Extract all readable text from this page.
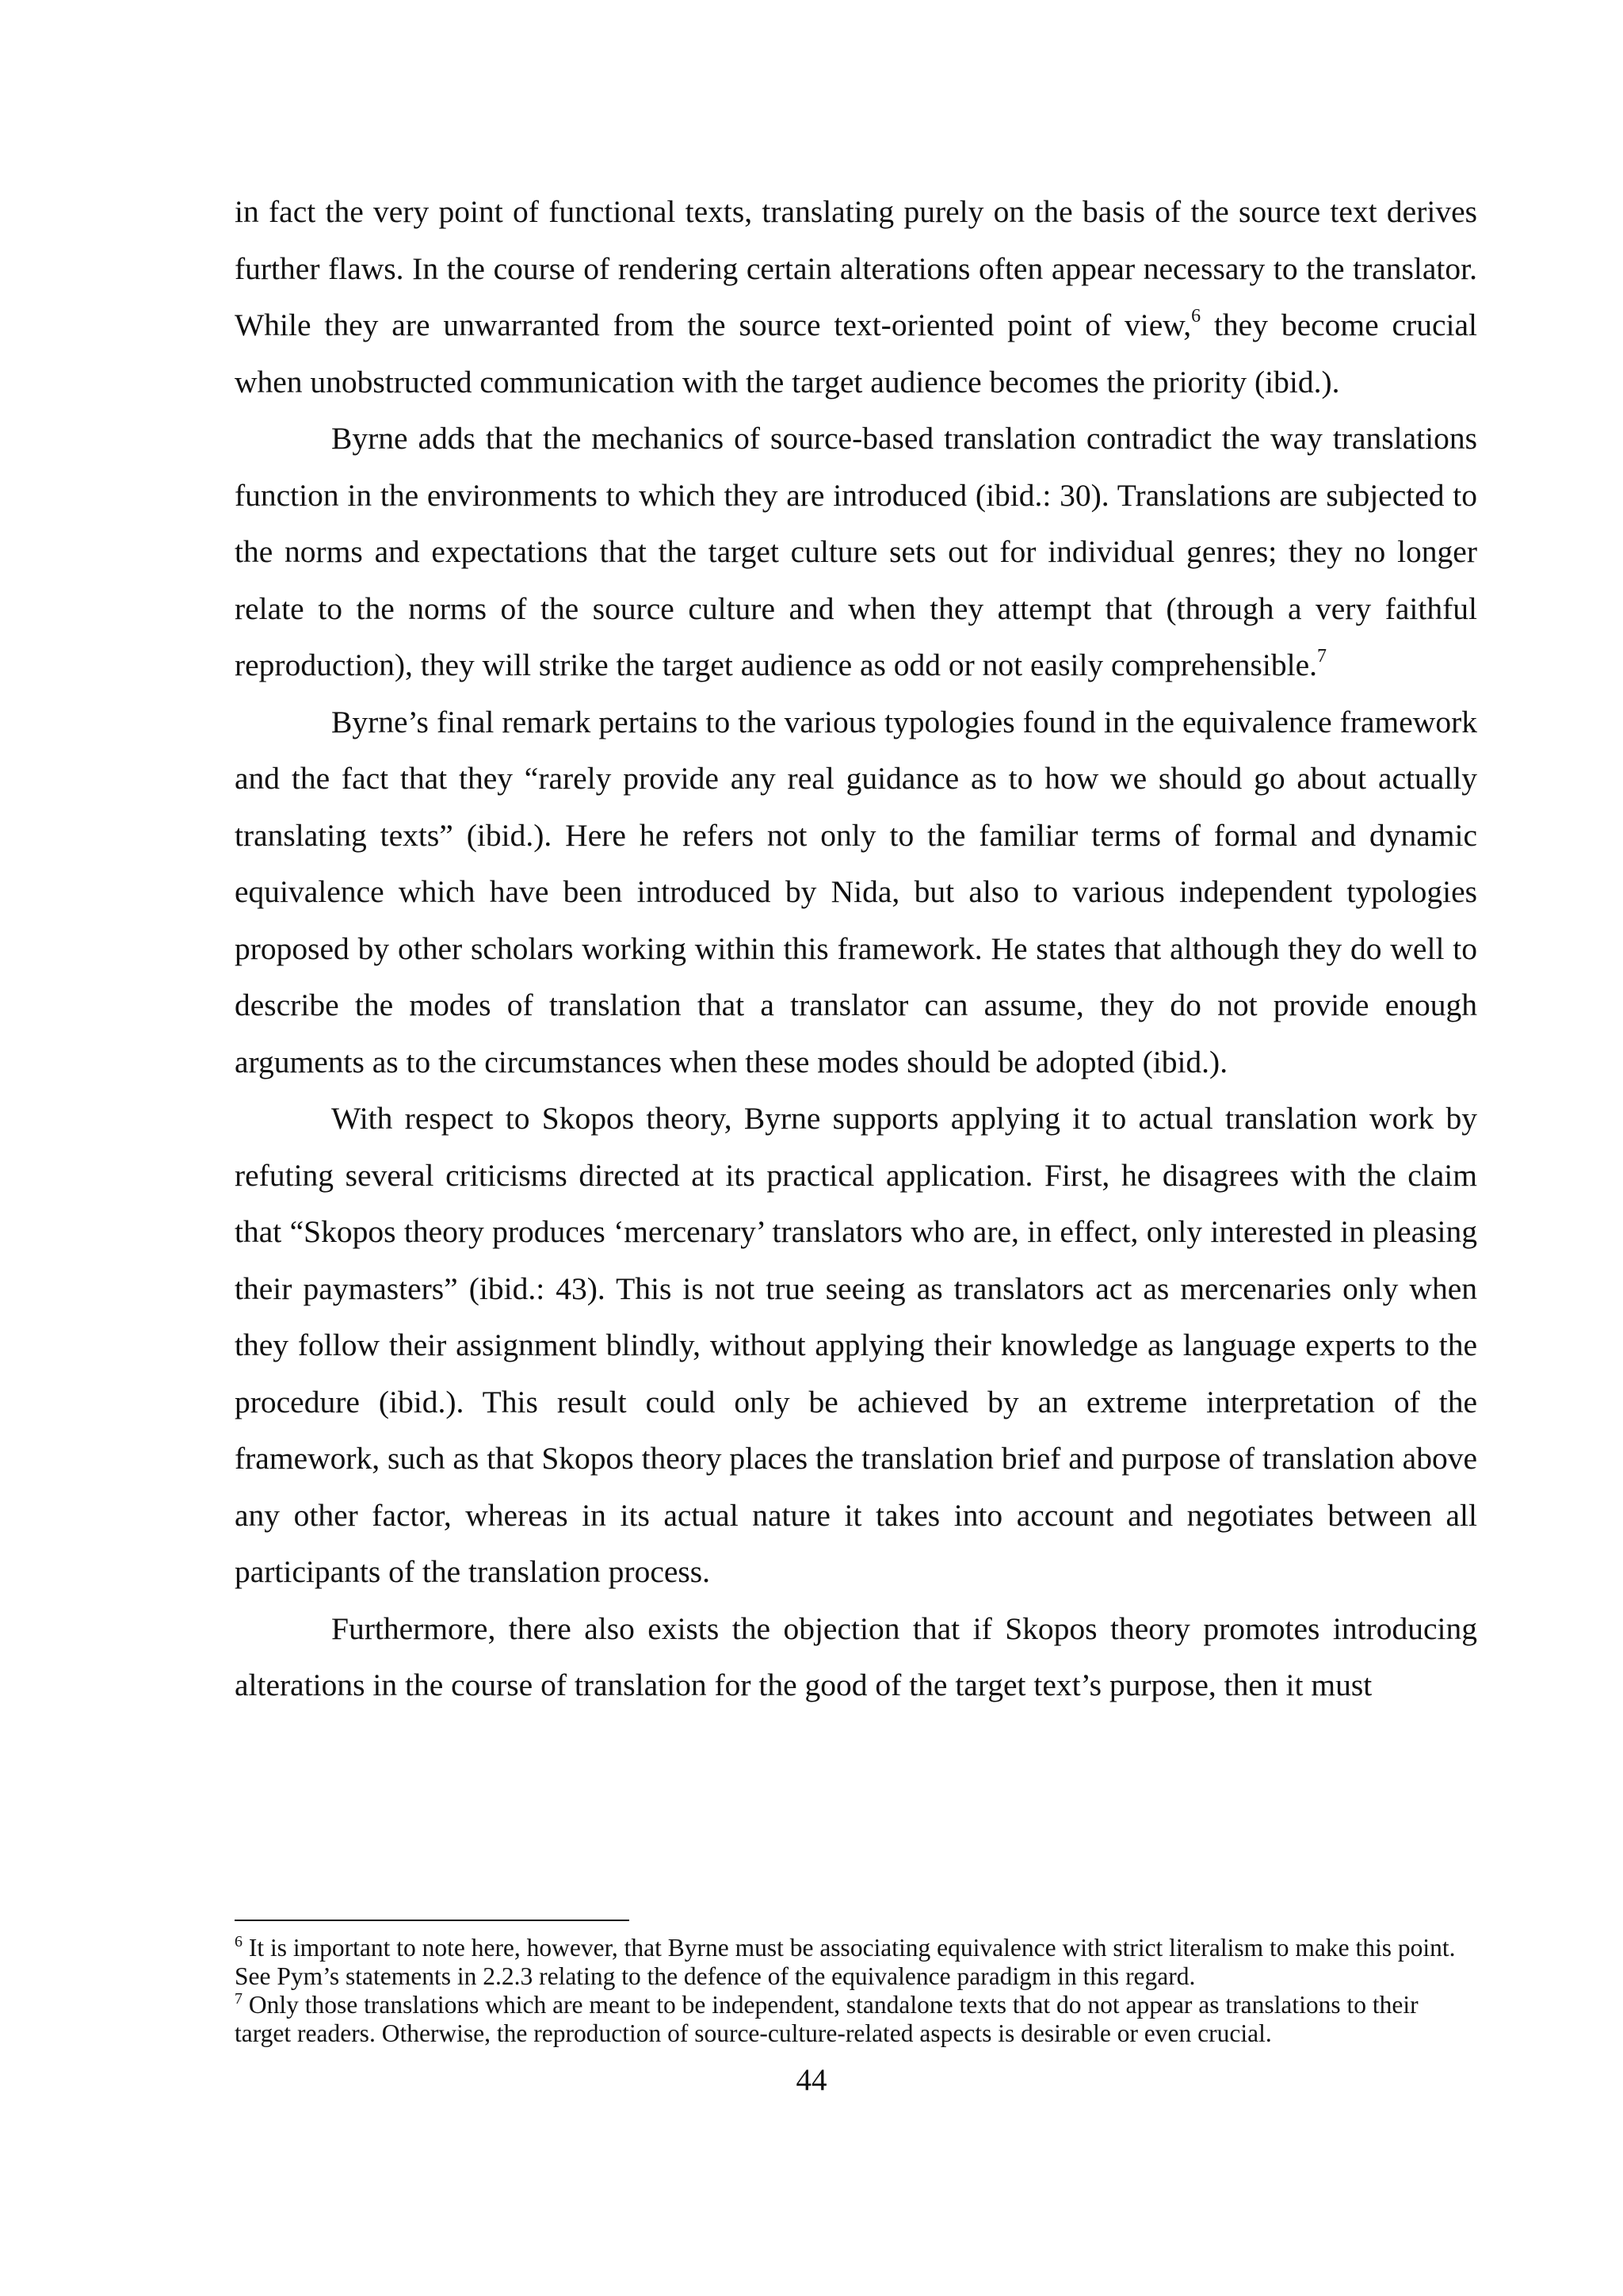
in fact the very point of functional texts, translating purely on the basis of the source text derives further flaws. In the course of rendering certain alterations often appear necessary to the translator. While they are unwarranted from the source text-oriented point of view,$^6$ they become crucial when unobstructed communication with the target audience becomes the priority (ibid.).

Byrne adds that the mechanics of source-based translation contradict the way translations function in the environments to which they are introduced (ibid.: 30). Translations are subjected to the norms and expectations that the target culture sets out for individual genres; they no longer relate to the norms of the source culture and when they attempt that (through a very faithful reproduction), they will strike the target audience as odd or not easily comprehensible.$^7$

Byrne’s final remark pertains to the various typologies found in the equivalence framework and the fact that they “rarely provide any real guidance as to how we should go about actually translating texts” (ibid.). Here he refers not only to the familiar terms of formal and dynamic equivalence which have been introduced by Nida, but also to various independent typologies proposed by other scholars working within this framework. He states that although they do well to describe the modes of translation that a translator can assume, they do not provide enough arguments as to the circumstances when these modes should be adopted (ibid.).

With respect to Skopos theory, Byrne supports applying it to actual translation work by refuting several criticisms directed at its practical application. First, he disagrees with the claim that “Skopos theory produces ‘mercenary’ translators who are, in effect, only interested in pleasing their paymasters” (ibid.: 43). This is not true seeing as translators act as mercenaries only when they follow their assignment blindly, without applying their knowledge as language experts to the procedure (ibid.). This result could only be achieved by an extreme interpretation of the framework, such as that Skopos theory places the translation brief and purpose of translation above any other factor, whereas in its actual nature it takes into account and negotiates between all participants of the translation process.

Furthermore, there also exists the objection that if Skopos theory promotes introducing alterations in the course of translation for the good of the target text’s purpose, then it must

$^6$ It is important to note here, however, that Byrne must be associating equivalence with strict literalism to make this point. See Pym’s statements in 2.2.3 relating to the defence of the equivalence paradigm in this regard.

$^7$ Only those translations which are meant to be independent, standalone texts that do not appear as translations to their target readers. Otherwise, the reproduction of source-culture-related aspects is desirable or even crucial.

44
